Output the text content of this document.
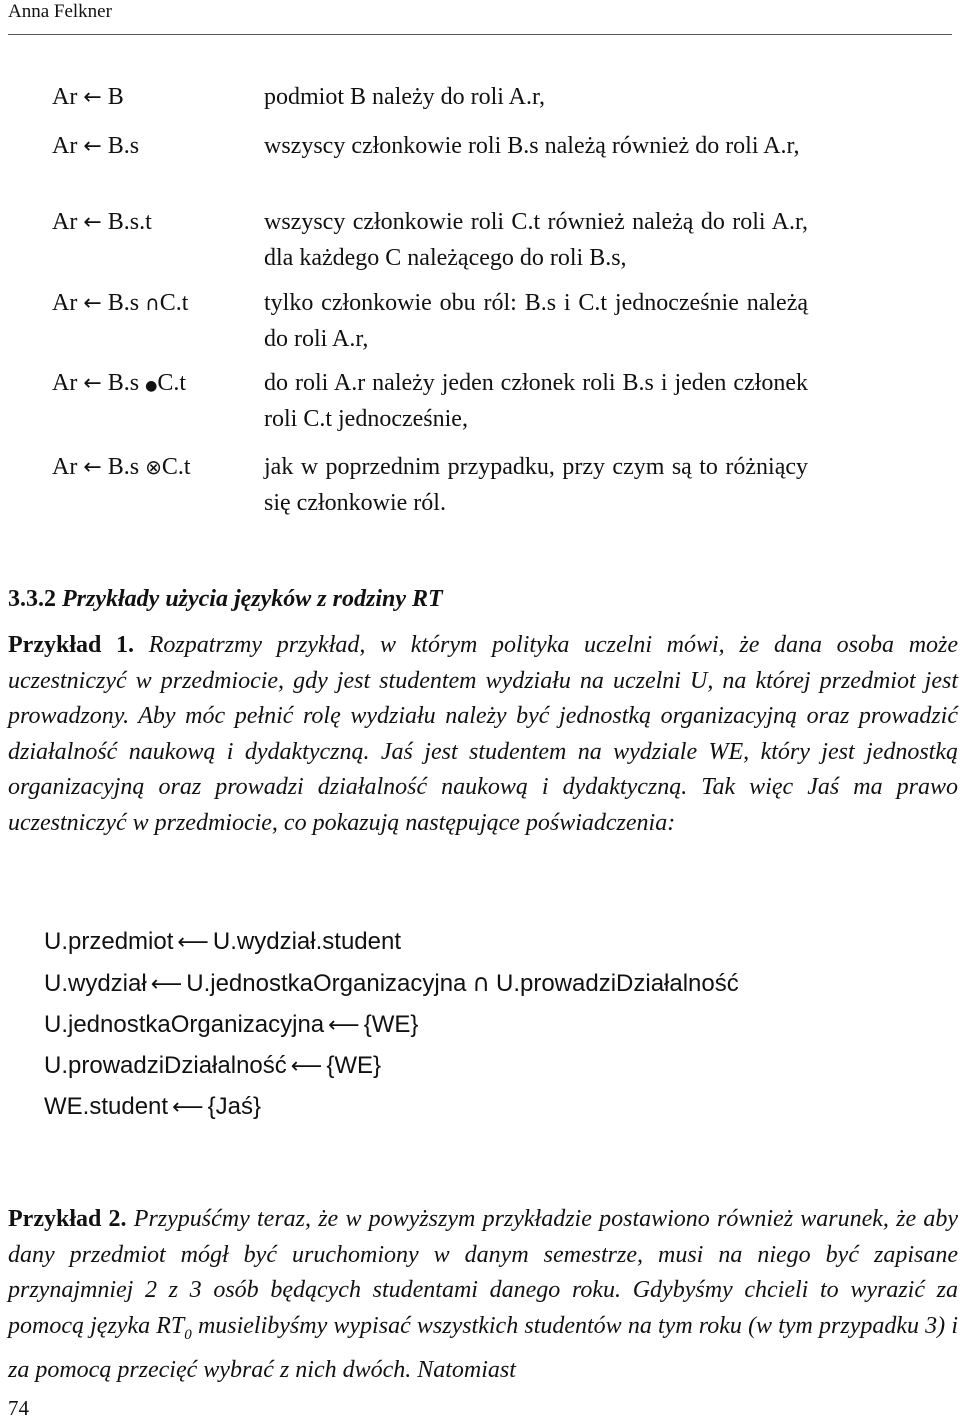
Anna Felkner
Ar ← B	podmiot B należy do roli A.r,
Ar ← B.s	wszyscy członkowie roli B.s należą również do roli A.r,
Ar ← B.s.t	wszyscy członkowie roli C.t również należą do roli A.r, dla każdego C należącego do roli B.s,
Ar ← B.s ∩C.t	tylko członkowie obu ról: B.s i C.t jednocześnie należą do roli A.r,
Ar ← B.s ●C.t	do roli A.r należy jeden członek roli B.s i jeden członek roli C.t jednocześnie,
Ar ← B.s ⊗C.t	jak w poprzednim przypadku, przy czym są to różniący się członkowie ról.
3.3.2 Przykłady użycia języków z rodziny RT
Przykład 1. Rozpatrzmy przykład, w którym polityka uczelni mówi, że dana osoba może uczestniczyć w przedmiocie, gdy jest studentem wydziału na uczelni U, na której przedmiot jest prowadzony. Aby móc pełnić rolę wydziału należy być jednostką organizacyjną oraz prowadzić działalność naukową i dydaktyczną. Jaś jest studentem na wydziale WE, który jest jednostką organizacyjną oraz prowadzi działalność naukową i dydaktyczną. Tak więc Jaś ma prawo uczestniczyć w przedmiocie, co pokazują następujące poświadczenia:
U.przedmiot ⟵ U.wydział.student
U.wydział ⟵ U.jednostkaOrganizacyjna ∩ U.prowadziDziałalność
U.jednostkaOrganizacyjna ⟵ {WE}
U.prowadziDziałalność ⟵ {WE}
WE.student ⟵ {Jaś}
Przykład 2. Przypuśćmy teraz, że w powyższym przykładzie postawiono również warunek, że aby dany przedmiot mógł być uruchomiony w danym semestrze, musi na niego być zapisane przynajmniej 2 z 3 osób będących studentami danego roku. Gdybyśmy chcieli to wyrazić za pomocą języka $RT_0$ musielibyśmy wypisać wszystkich studentów na tym roku (w tym przypadku 3) i za pomocą przecięć wybrać z nich dwóch. Natomiast
74
